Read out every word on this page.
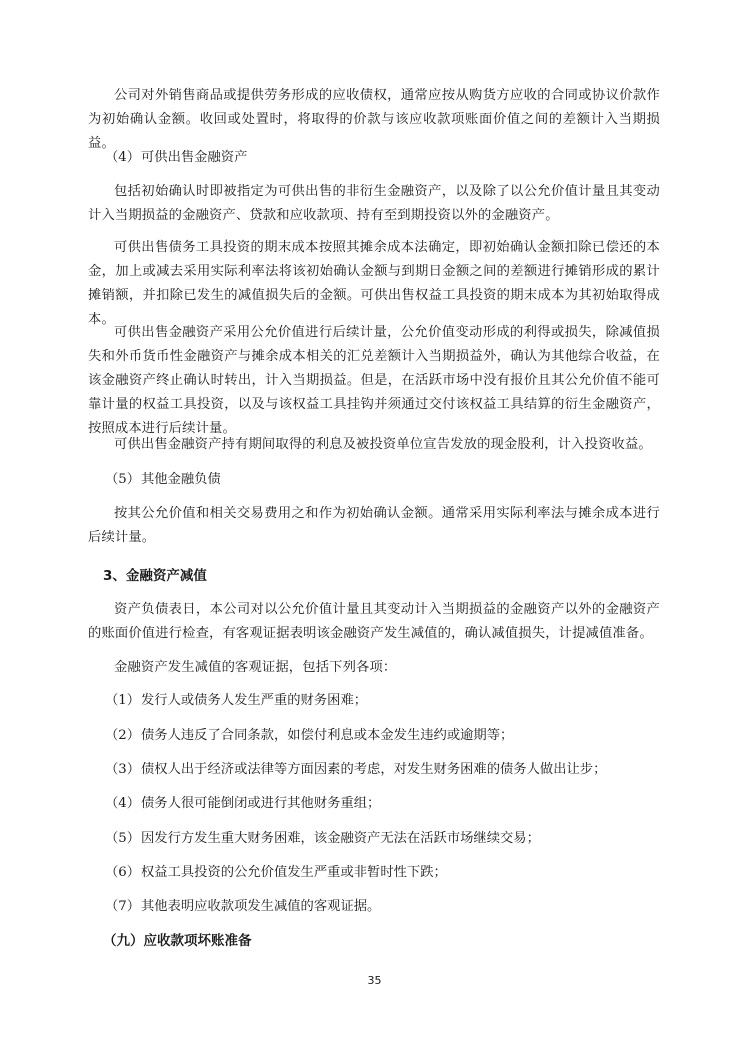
公司对外销售商品或提供劳务形成的应收债权，通常应按从购货方应收的合同或协议价款作为初始确认金额。收回或处置时，将取得的价款与该应收款项账面价值之间的差额计入当期损益。
（4）可供出售金融资产
包括初始确认时即被指定为可供出售的非衍生金融资产，以及除了以公允价值计量且其变动计入当期损益的金融资产、贷款和应收款项、持有至到期投资以外的金融资产。
可供出售债务工具投资的期末成本按照其摊余成本法确定，即初始确认金额扣除已偿还的本金，加上或减去采用实际利率法将该初始确认金额与到期日金额之间的差额进行摊销形成的累计摊销额，并扣除已发生的减值损失后的金额。可供出售权益工具投资的期末成本为其初始取得成本。
可供出售金融资产采用公允价值进行后续计量，公允价值变动形成的利得或损失，除减值损失和外币货币性金融资产与摊余成本相关的汇兑差额计入当期损益外，确认为其他综合收益，在该金融资产终止确认时转出，计入当期损益。但是，在活跃市场中没有报价且其公允价值不能可靠计量的权益工具投资，以及与该权益工具挂钩并须通过交付该权益工具结算的衍生金融资产，按照成本进行后续计量。
可供出售金融资产持有期间取得的利息及被投资单位宣告发放的现金股利，计入投资收益。
（5）其他金融负债
按其公允价值和相关交易费用之和作为初始确认金额。通常采用实际利率法与摊余成本进行后续计量。
3、金融资产减值
资产负债表日，本公司对以公允价值计量且其变动计入当期损益的金融资产以外的金融资产的账面价值进行检查，有客观证据表明该金融资产发生减值的，确认减值损失，计提减值准备。
金融资产发生减值的客观证据，包括下列各项：
（1）发行人或债务人发生严重的财务困难；
（2）债务人违反了合同条款，如偿付利息或本金发生违约或逾期等；
（3）债权人出于经济或法律等方面因素的考虑，对发生财务困难的债务人做出让步；
（4）债务人很可能倒闭或进行其他财务重组；
（5）因发行方发生重大财务困难，该金融资产无法在活跃市场继续交易；
（6）权益工具投资的公允价值发生严重或非暂时性下跌；
（7）其他表明应收款项发生减值的客观证据。
（九）应收款项坏账准备
35
